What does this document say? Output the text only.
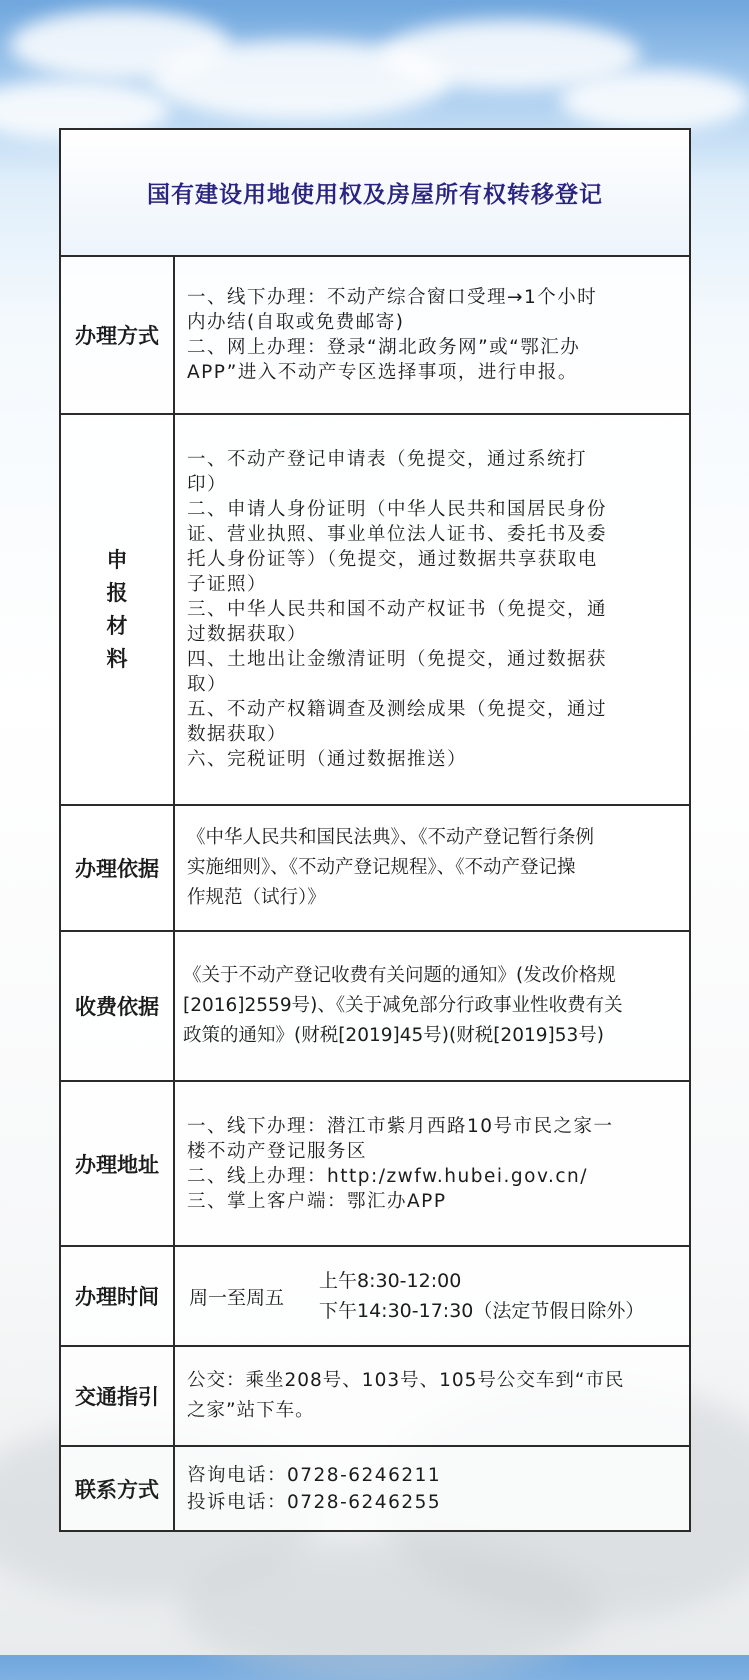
国有建设用地使用权及房屋所有权转移登记
办理方式
一、线下办理：不动产综合窗口受理→1个小时
内办结(自取或免费邮寄)
二、网上办理：登录“湖北政务网”或“鄂汇办
APP”进入不动产专区选择事项，进行申报。
申报材料
一、不动产登记申请表（免提交，通过系统打
印）
二、申请人身份证明（中华人民共和国居民身份
证、营业执照、事业单位法人证书、委托书及委
托人身份证等）（免提交，通过数据共享获取电
子证照）
三、中华人民共和国不动产权证书（免提交，通
过数据获取）
四、土地出让金缴清证明（免提交，通过数据获
取）
五、不动产权籍调查及测绘成果（免提交，通过
数据获取）
六、完税证明（通过数据推送）
办理依据
《中华人民共和国民法典》、《不动产登记暂行条例
实施细则》、《不动产登记规程》、《不动产登记操
作规范（试行）》
收费依据
《关于不动产登记收费有关问题的通知》(发改价格规
[2016]2559号)、《关于减免部分行政事业性收费有关
政策的通知》(财税[2019]45号)(财税[2019]53号)
办理地址
一、线下办理：潜江市紫月西路10号市民之家一
楼不动产登记服务区
二、线上办理：http:/zwfw.hubei.gov.cn/
三、掌上客户端：鄂汇办APP
办理时间	周一至周五
上午8:30-12:00
下午14:30-17:30（法定节假日除外）
交通指引
公交：乘坐208号、103号、105号公交车到“市民
之家”站下车。
联系方式
咨询电话：0728-6246211
投诉电话：0728-6246255
